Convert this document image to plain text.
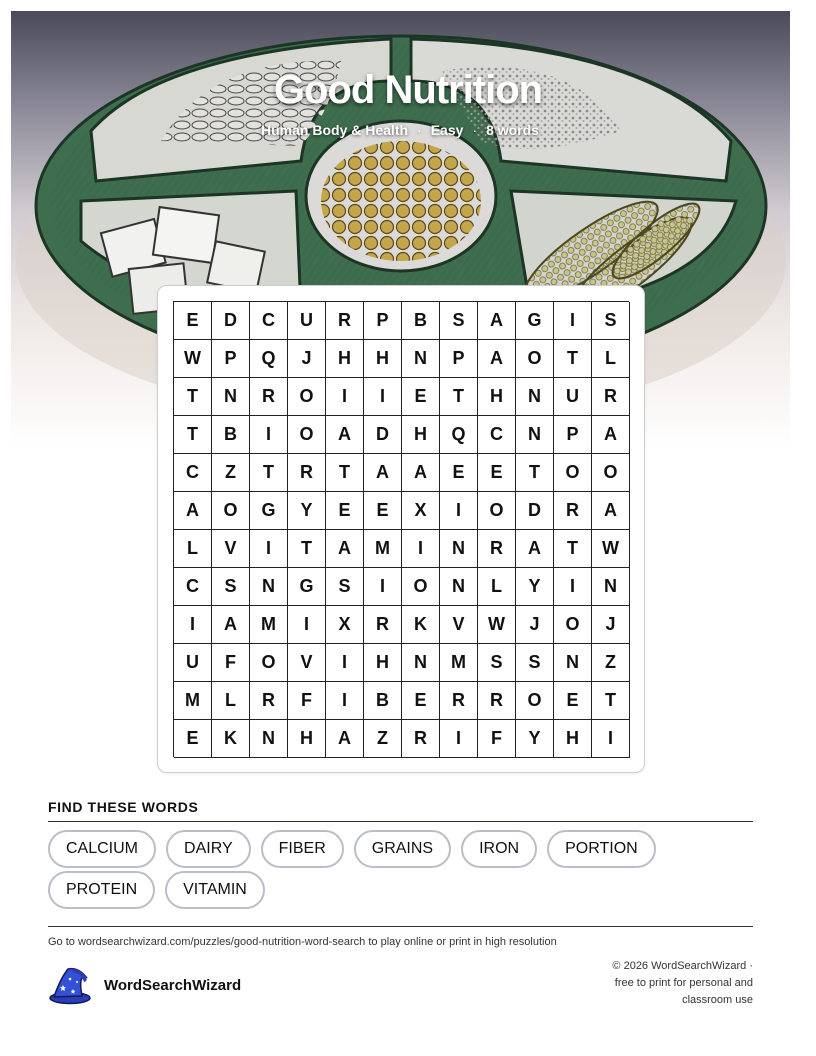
Good Nutrition
Human Body & Health · Easy · 8 words
E	D	C	U	R	P	B	S	A	G	I	S
W	P	Q	J	H	H	N	P	A	O	T	L
T	N	R	O	I	I	E	T	H	N	U	R
T	B	I	O	A	D	H	Q	C	N	P	A
C	Z	T	R	T	A	A	E	E	T	O	O
A	O	G	Y	E	E	X	I	O	D	R	A
L	V	I	T	A	M	I	N	R	A	T	W
C	S	N	G	S	I	O	N	L	Y	I	N
I	A	M	I	X	R	K	V	W	J	O	J
U	F	O	V	I	H	N	M	S	S	N	Z
M	L	R	F	I	B	E	R	R	O	E	T
E	K	N	H	A	Z	R	I	F	Y	H	I
FIND THESE WORDS
CALCIUM	DAIRY	FIBER	GRAINS	IRON	PORTION
PROTEIN	VITAMIN
Go to wordsearchwizard.com/puzzles/good-nutrition-word-search to play online or print in high resolution
WordSearchWizard
© 2026 WordSearchWizard ·
free to print for personal and
classroom use
